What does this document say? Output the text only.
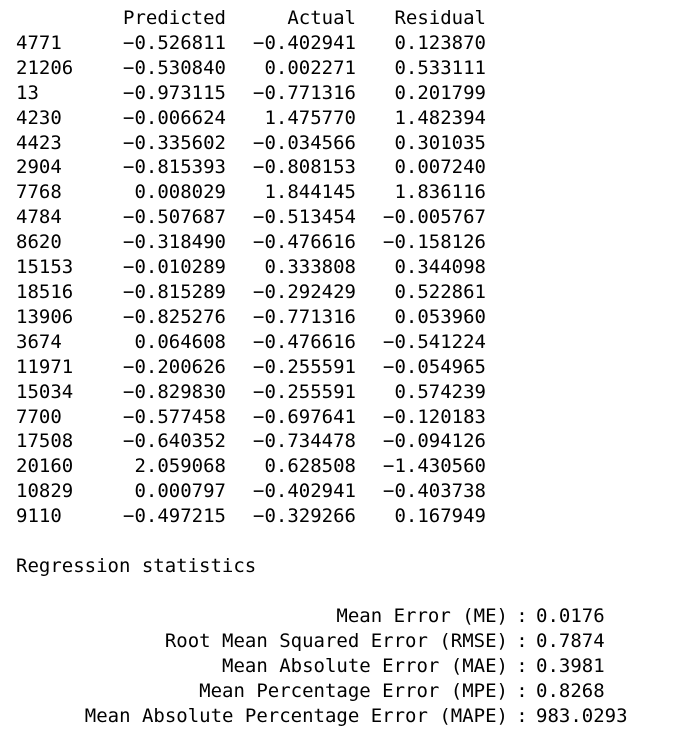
	Predicted	Actual	Residual
4771	−0.526811	−0.402941	0.123870
21206	−0.530840	0.002271	0.533111
13	−0.973115	−0.771316	0.201799
4230	−0.006624	1.475770	1.482394
4423	−0.335602	−0.034566	0.301035
2904	−0.815393	−0.808153	0.007240
7768	0.008029	1.844145	1.836116
4784	−0.507687	−0.513454	−0.005767
8620	−0.318490	−0.476616	−0.158126
15153	−0.010289	0.333808	0.344098
18516	−0.815289	−0.292429	0.522861
13906	−0.825276	−0.771316	0.053960
3674	0.064608	−0.476616	−0.541224
11971	−0.200626	−0.255591	−0.054965
15034	−0.829830	−0.255591	0.574239
7700	−0.577458	−0.697641	−0.120183
17508	−0.640352	−0.734478	−0.094126
20160	2.059068	0.628508	−1.430560
10829	0.000797	−0.402941	−0.403738
9110	−0.497215	−0.329266	0.167949
Regression statistics
Mean Error (ME)	:	0.0176
Root Mean Squared Error (RMSE)	:	0.7874
Mean Absolute Error (MAE)	:	0.3981
Mean Percentage Error (MPE)	:	0.8268
Mean Absolute Percentage Error (MAPE)	:	983.0293
